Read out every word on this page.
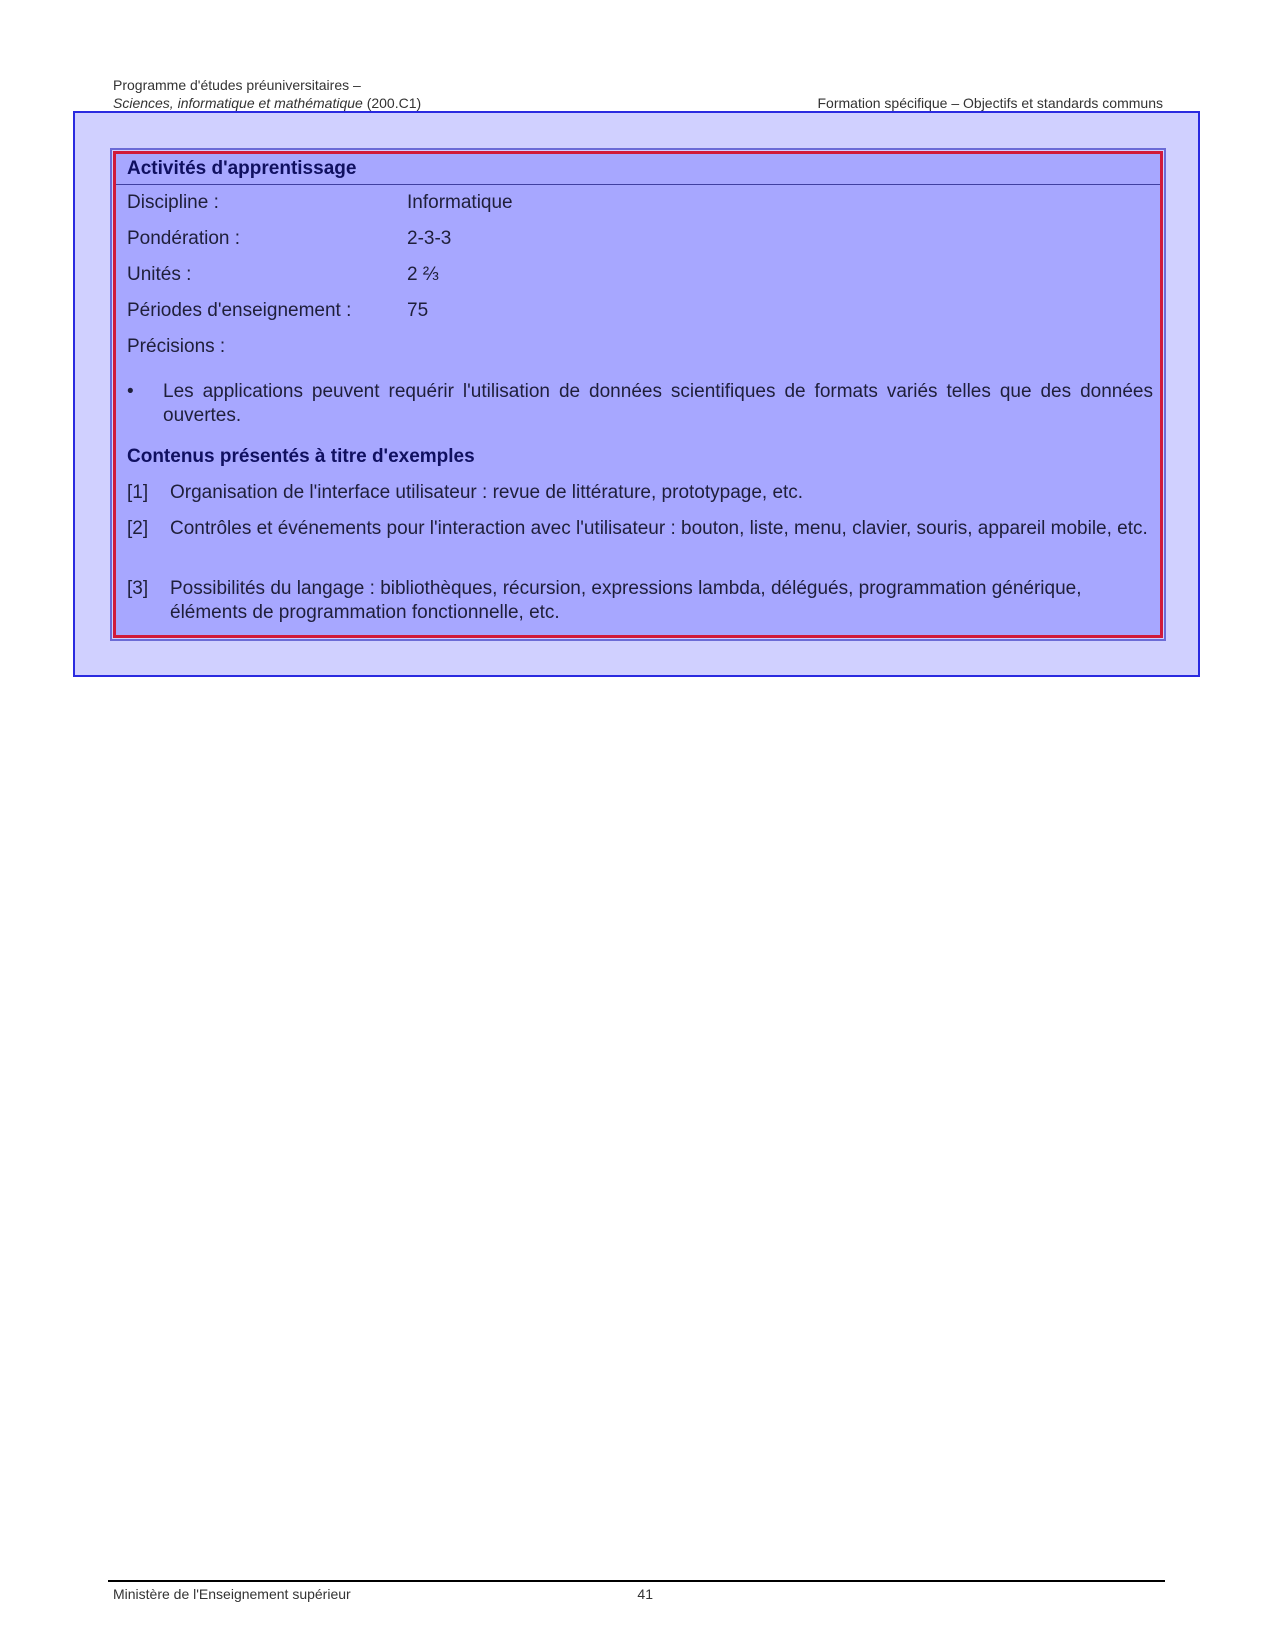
Programme d'études préuniversitaires –
Sciences, informatique et mathématique (200.C1)	Formation spécifique – Objectifs et standards communs
Activités d'apprentissage
Discipline :	Informatique
Pondération :	2-3-3
Unités :	2 ⅔
Périodes d'enseignement :	75
Précisions :
•	Les applications peuvent requérir l'utilisation de données scientifiques de formats variés telles que des données ouvertes.
Contenus présentés à titre d'exemples
[1]	Organisation de l'interface utilisateur : revue de littérature, prototypage, etc.
[2]	Contrôles et événements pour l'interaction avec l'utilisateur : bouton, liste, menu, clavier, souris, appareil mobile, etc.
[3]	Possibilités du langage : bibliothèques, récursion, expressions lambda, délégués, programmation générique, éléments de programmation fonctionnelle, etc.
Ministère de l'Enseignement supérieur	41
